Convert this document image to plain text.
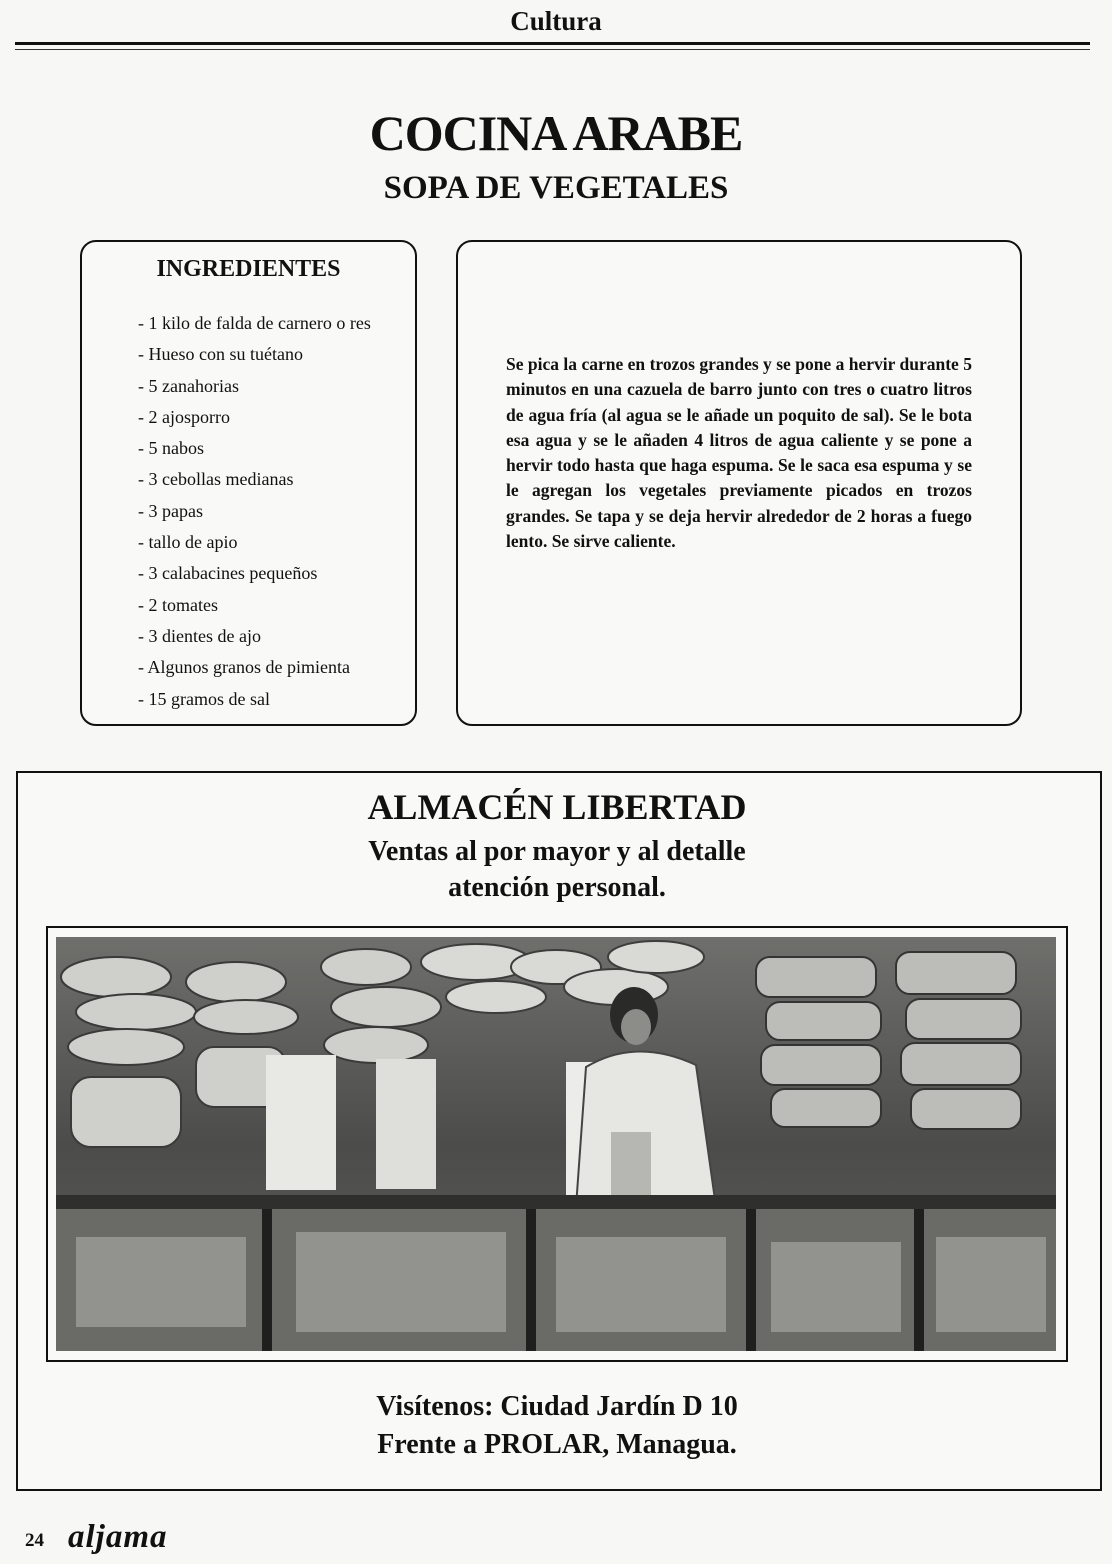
Cultura
COCINA ARABE
SOPA DE VEGETALES
INGREDIENTES
- 1 kilo de falda de carnero o res
- Hueso con su tuétano
- 5 zanahorias
- 2 ajosporro
- 5 nabos
- 3 cebollas medianas
- 3 papas
- tallo de apio
- 3 calabacines pequeños
- 2 tomates
- 3 dientes de ajo
- Algunos granos de pimienta
- 15 gramos de sal

Se pica la carne en trozos grandes y se pone a hervir durante 5 minutos en una cazuela de barro junto con tres o cuatro litros de agua fría (al agua se le añade un poquito de sal). Se le bota esa agua y se le añaden 4 litros de agua caliente y se pone a hervir todo hasta que haga espuma. Se le saca esa espuma y se le agregan los vegetales previamente picados en trozos grandes. Se tapa y se deja hervir alrededor de 2 horas a fuego lento. Se sirve caliente.

ALMACÉN LIBERTAD
Ventas al por mayor y al detalle
atención personal.
Visítenos: Ciudad Jardín D 10
Frente a PROLAR, Managua.
24 aljama
